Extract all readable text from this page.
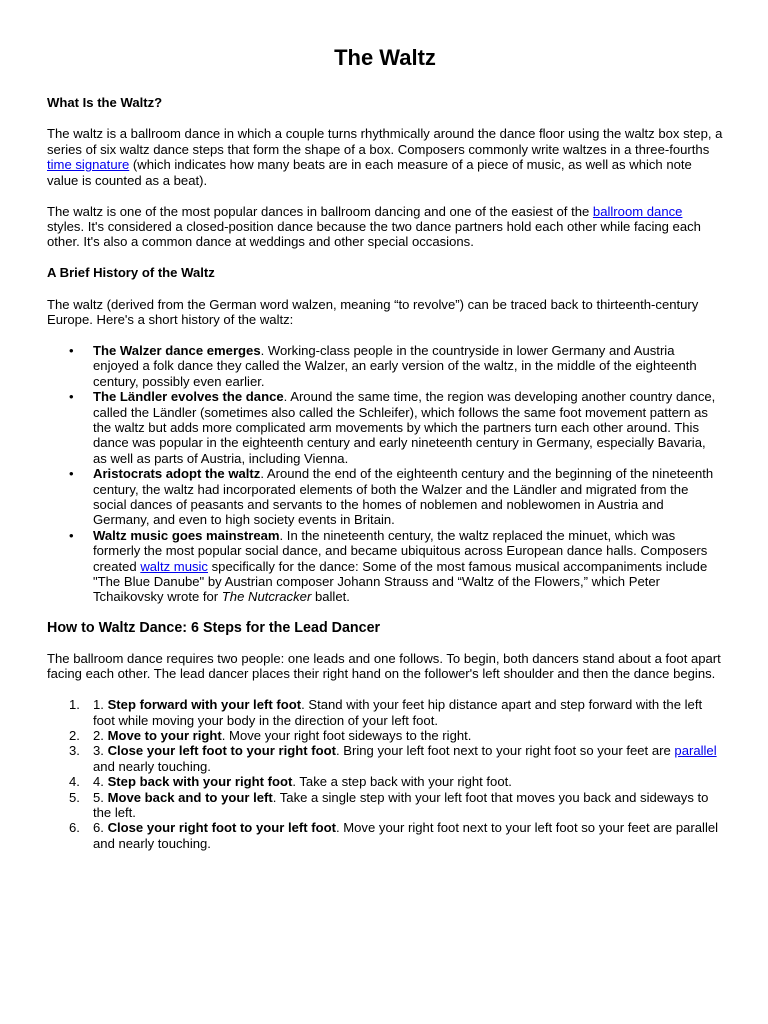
The Waltz
What Is the Waltz?

The waltz is a ballroom dance in which a couple turns rhythmically around the dance floor using the waltz box step, a series of six waltz dance steps that form the shape of a box. Composers commonly write waltzes in a three-fourths time signature (which indicates how many beats are in each measure of a piece of music, as well as which note value is counted as a beat).

The waltz is one of the most popular dances in ballroom dancing and one of the easiest of the ballroom dance styles. It's considered a closed-position dance because the two dance partners hold each other while facing each other. It's also a common dance at weddings and other special occasions.

A Brief History of the Waltz

The waltz (derived from the German word walzen, meaning “to revolve”) can be traced back to thirteenth-century Europe. Here's a short history of the waltz:

• The Walzer dance emerges. Working-class people in the countryside in lower Germany and Austria enjoyed a folk dance they called the Walzer, an early version of the waltz, in the middle of the eighteenth century, possibly even earlier.
• The Ländler evolves the dance. Around the same time, the region was developing another country dance, called the Ländler (sometimes also called the Schleifer), which follows the same foot movement pattern as the waltz but adds more complicated arm movements by which the partners turn each other around. This dance was popular in the eighteenth century and early nineteenth century in Germany, especially Bavaria, as well as parts of Austria, including Vienna.
• Aristocrats adopt the waltz. Around the end of the eighteenth century and the beginning of the nineteenth century, the waltz had incorporated elements of both the Walzer and the Ländler and migrated from the social dances of peasants and servants to the homes of noblemen and noblewomen in Austria and Germany, and even to high society events in Britain.
• Waltz music goes mainstream. In the nineteenth century, the waltz replaced the minuet, which was formerly the most popular social dance, and became ubiquitous across European dance halls. Composers created waltz music specifically for the dance: Some of the most famous musical accompaniments include "The Blue Danube" by Austrian composer Johann Strauss and “Waltz of the Flowers,” which Peter Tchaikovsky wrote for The Nutcracker ballet.
How to Waltz Dance: 6 Steps for the Lead Dancer

The ballroom dance requires two people: one leads and one follows. To begin, both dancers stand about a foot apart facing each other. The lead dancer places their right hand on the follower's left shoulder and then the dance begins.

1. 1. Step forward with your left foot. Stand with your feet hip distance apart and step forward with the left foot while moving your body in the direction of your left foot.
2. 2. Move to your right. Move your right foot sideways to the right.
3. 3. Close your left foot to your right foot. Bring your left foot next to your right foot so your feet are parallel and nearly touching.
4. 4. Step back with your right foot. Take a step back with your right foot.
5. 5. Move back and to your left. Take a single step with your left foot that moves you back and sideways to the left.
6. 6. Close your right foot to your left foot. Move your right foot next to your left foot so your feet are parallel and nearly touching.
